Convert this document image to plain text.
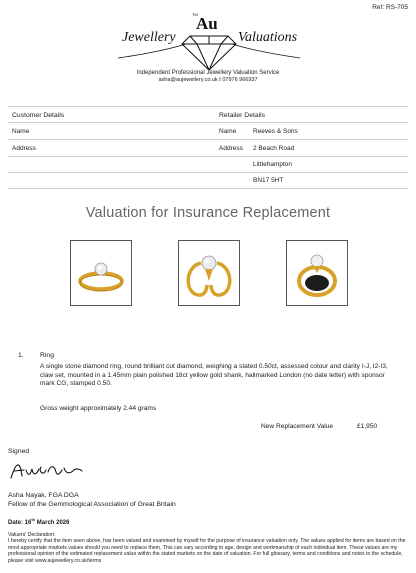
Ref: RS-705
TM
Au
Jewellery	Valuations
Independent Professional Jewellery Valuation Service
asha@aujewellery.co.uk t 07976 966937
Customer Details	Retailer Details
Name	Name	Reeves & Sons
Address	Address 2 Beach Road
Littlehampton
BN17 5HT
Valuation for Insurance Replacement
1. Ring
A single stone diamond ring, round brilliant cut diamond, weighing a stated 0.50ct, assessed colour and clarity I-J, I2-I3, claw set, mounted in a 1.45mm plain polished 18ct yellow gold shank, hallmarked London (no date letter) with sponsor mark CG, stamped 0.50.
Gross weight approximately 2.44 grams
New Replacement Value	£1,950
Signed
Asha Nayak, FGA DGA
Fellow of the Gemmological Association of Great Britain
Date: 16th March 2026
Valuers' Declaration:
I hereby certify that the item seen above, has been valued and examined by myself for the purpose of insurance valuation only. The values applied for items are based on the most appropriate markets values should you need to replace them. This can vary according to age, design and workmanship of each individual item. These values are my professional opinion of the estimated replacement value within the stated markets on the date of valuation. For full glossary, terms and conditions and notes to the schedule, please visit www.aujewellery.co.uk/terms
